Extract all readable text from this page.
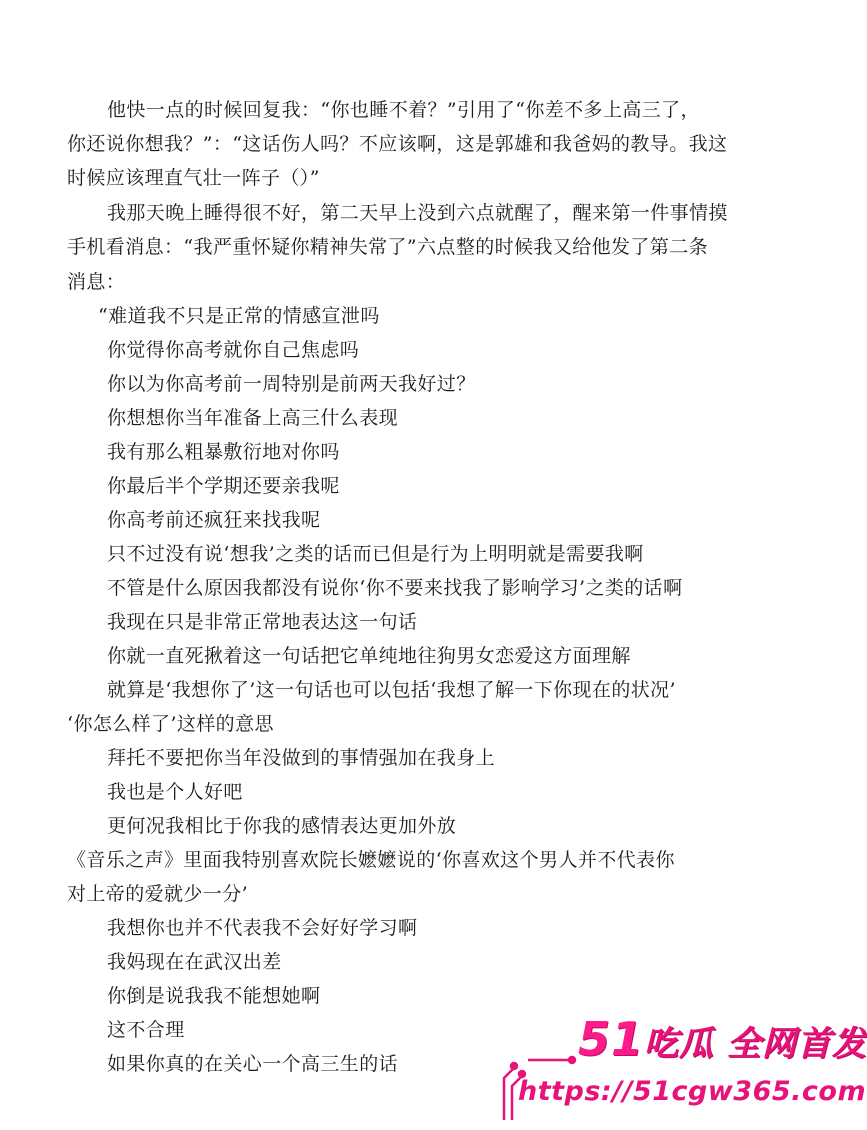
他快一点的时候回复我：“你也睡不着？”引用了“你差不多上高三了，
你还说你想我？”：“这话伤人吗？不应该啊，这是郭雄和我爸妈的教导。我这
时候应该理直气壮一阵子（）”
我那天晚上睡得很不好，第二天早上没到六点就醒了，醒来第一件事情摸
手机看消息：“我严重怀疑你精神失常了”六点整的时候我又给他发了第二条
消息：
“难道我不只是正常的情感宣泄吗
你觉得你高考就你自己焦虑吗
你以为你高考前一周特别是前两天我好过？
你想想你当年准备上高三什么表现
我有那么粗暴敷衍地对你吗
你最后半个学期还要亲我呢
你高考前还疯狂来找我呢
只不过没有说‘想我’之类的话而已但是行为上明明就是需要我啊
不管是什么原因我都没有说你‘你不要来找我了影响学习’之类的话啊
我现在只是非常正常地表达这一句话
你就一直死揪着这一句话把它单纯地往狗男女恋爱这方面理解
就算是‘我想你了’这一句话也可以包括‘我想了解一下你现在的状况’
‘你怎么样了’这样的意思
拜托不要把你当年没做到的事情强加在我身上
我也是个人好吧
更何况我相比于你我的感情表达更加外放
《音乐之声》里面我特别喜欢院长嬷嬷说的‘你喜欢这个男人并不代表你
对上帝的爱就少一分’
我想你也并不代表我不会好好学习啊
我妈现在在武汉出差
你倒是说我我不能想她啊
这不合理
如果你真的在关心一个高三生的话	51吃瓜 全网首发
https://51cgw365.com
